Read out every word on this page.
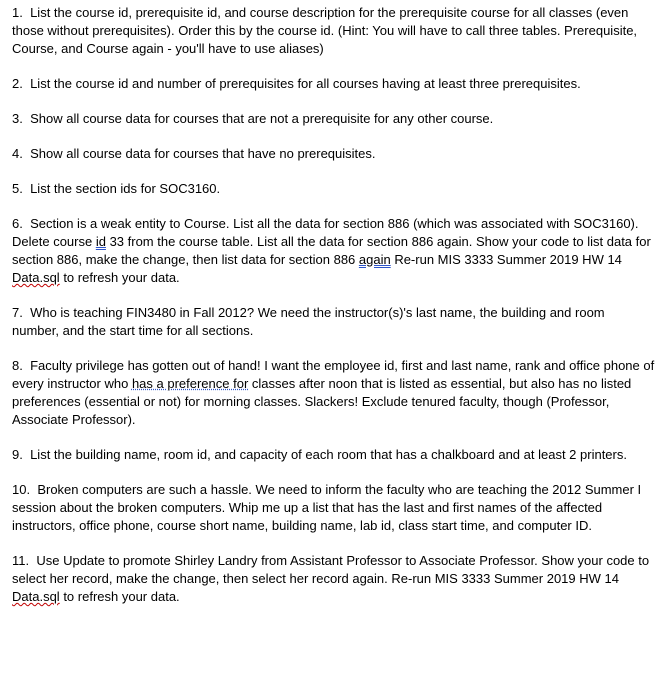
1. List the course id, prerequisite id, and course description for the prerequisite course for all classes (even those without prerequisites). Order this by the course id. (Hint: You will have to call three tables. Prerequisite, Course, and Course again - you'll have to use aliases)

2. List the course id and number of prerequisites for all courses having at least three prerequisites.

3. Show all course data for courses that are not a prerequisite for any other course.

4. Show all course data for courses that have no prerequisites.

5. List the section ids for SOC3160.

6. Section is a weak entity to Course. List all the data for section 886 (which was associated with SOC3160). Delete course id 33 from the course table. List all the data for section 886 again. Show your code to list data for section 886, make the change, then list data for section 886 again Re-run MIS 3333 Summer 2019 HW 14 Data.sql to refresh your data.

7. Who is teaching FIN3480 in Fall 2012? We need the instructor(s)'s last name, the building and room number, and the start time for all sections.

8. Faculty privilege has gotten out of hand! I want the employee id, first and last name, rank and office phone of every instructor who has a preference for classes after noon that is listed as essential, but also has no listed preferences (essential or not) for morning classes. Slackers! Exclude tenured faculty, though (Professor, Associate Professor).

9. List the building name, room id, and capacity of each room that has a chalkboard and at least 2 printers.

10. Broken computers are such a hassle. We need to inform the faculty who are teaching the 2012 Summer I session about the broken computers. Whip me up a list that has the last and first names of the affected instructors, office phone, course short name, building name, lab id, class start time, and computer ID.

11. Use Update to promote Shirley Landry from Assistant Professor to Associate Professor. Show your code to select her record, make the change, then select her record again. Re-run MIS 3333 Summer 2019 HW 14 Data.sql to refresh your data.
